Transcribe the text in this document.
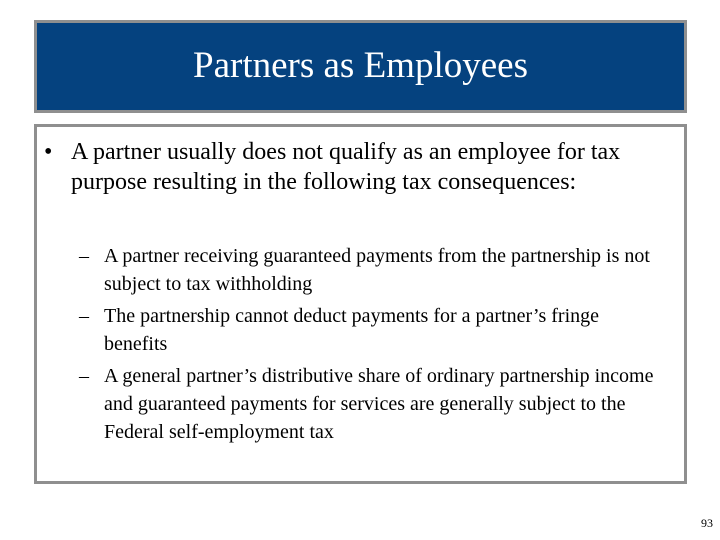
Partners as Employees
• A partner usually does not qualify as an employee for tax purpose resulting in the following tax consequences:
– A partner receiving guaranteed payments from the partnership is not subject to tax withholding
– The partnership cannot deduct payments for a partner’s fringe benefits
– A general partner’s distributive share of ordinary partnership income and guaranteed payments for services are generally subject to the Federal self-employment tax
93
